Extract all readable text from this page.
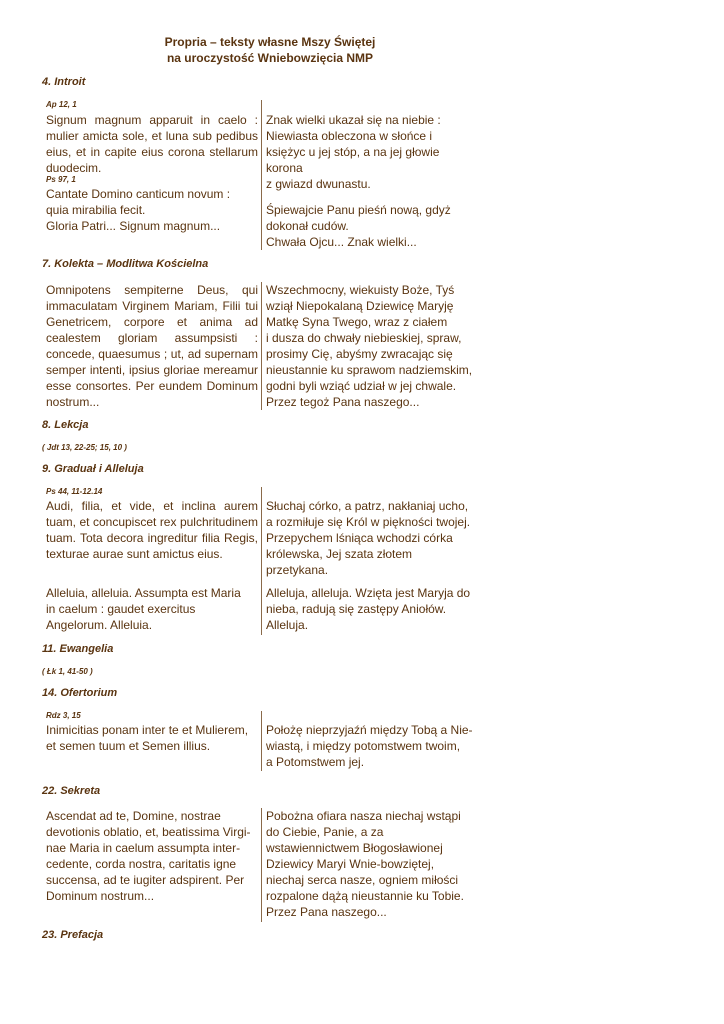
Propria – teksty własne Mszy Świętej
na uroczystość Wniebowzięcia NMP
4. Introit
Ap 12, 1
Signum magnum apparuit in caelo : mulier amicta sole, et luna sub pedibus eius, et in capite eius corona stellarum duodecim.
Ps 97, 1
Cantate Domino canticum novum :
quia mirabilia fecit.
Gloria Patri... Signum magnum...
Znak wielki ukazał się na niebie :
Niewiasta obleczona w słońce i
księżyc u jej stóp, a na jej głowie
korona
z gwiazd dwunastu.
Śpiewajcie Panu pieśń nową, gdyż
dokonał cudów.
Chwała Ojcu... Znak wielki...
7. Kolekta – Modlitwa Kościelna
Omnipotens sempiterne Deus, qui immaculatam Virginem Mariam, Filii tui Genetricem, corpore et anima ad cealestem gloriam assumpsisti : concede, quaesumus ; ut, ad supernam semper intenti, ipsius gloriae mereamur esse consortes. Per eundem Dominum nostrum...
Wszechmocny, wiekuisty Boże, Tyś
wziął Niepokalaną Dziewicę Maryję
Matkę Syna Twego, wraz z ciałem
i dusza do chwały niebieskiej, spraw,
prosimy Cię, abyśmy zwracając się
nieustannie ku sprawom nadziemskim,
godni byli wziąć udział w jej chwale.
Przez tegoż Pana naszego...
8. Lekcja
( Jdt 13, 22-25; 15, 10 )
9. Graduał i Alleluja
Ps 44, 11-12.14
Audi, filia, et vide, et inclina aurem tuam, et concupiscet rex pulchritudinem tuam. Tota decora ingreditur filia Regis, texturae aurae sunt amictus eius.
Alleluia, alleluia. Assumpta est Maria
in caelum : gaudet exercitus
Angelorum. Alleluia.
Słuchaj córko, a patrz, nakłaniaj ucho,
a rozmiłuje się Król w piękności twojej.
Przepychem lśniąca wchodzi córka
królewska, Jej szata złotem
przetykana.
Alleluja, alleluja. Wzięta jest Maryja do
nieba, radują się zastępy Aniołów.
Alleluja.
11. Ewangelia
( Łk 1, 41-50 )
14. Ofertorium
Rdz 3, 15
Inimicitias ponam inter te et Mulierem,
et semen tuum et Semen illius.
Położę nieprzyjaźń między Tobą a Nie-
wiastą, i między potomstwem twoim,
a Potomstwem jej.
22. Sekreta
Ascendat ad te, Domine, nostrae
devotionis oblatio, et, beatissima Virgi-
nae Maria in caelum assumpta inter-
cedente, corda nostra, caritatis igne
succensa, ad te iugiter adspirent. Per
Dominum nostrum...
Pobożna ofiara nasza niechaj wstąpi
do Ciebie, Panie, a za
wstawiennictwem Błogosławionej
Dziewicy Maryi Wnie-bowziętej,
niechaj serca nasze, ogniem miłości
rozpalone dążą nieustannie ku Tobie.
Przez Pana naszego...
23. Prefacja
